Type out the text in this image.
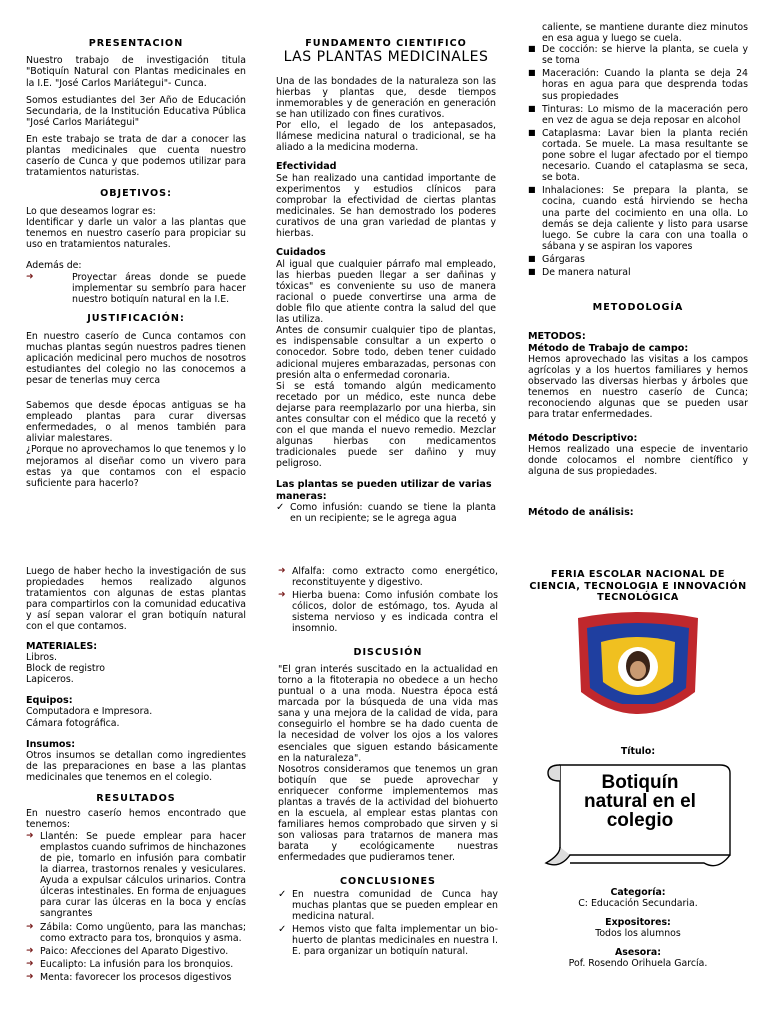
PRESENTACIÓN

Nuestro trabajo de investigación titula "Botiquín Natural con Plantas medicinales en la I.E. "José Carlos Mariátegui"- Cunca.

Somos estudiantes del 3er Año de Educación Secundaria, de la Institución Educativa Pública "José Carlos Mariátegui"

En este trabajo se trata de dar a conocer las plantas medicinales que cuenta nuestro caserío de Cunca y que podemos utilizar para tratamientos naturistas.

OBJETIVOS:

Lo que deseamos lograr es:

Identificar y darle un valor a las plantas que tenemos en nuestro caserío para propiciar su uso en tratamientos naturales.

Además de:

➜ Proyectar áreas donde se puede implementar su sembrío para hacer nuestro botiquín natural en la I.E.
JUSTIFICACIÓN:

En nuestro caserío de Cunca contamos con muchas plantas según nuestros padres tienen aplicación medicinal pero muchos de nosotros estudiantes del colegio no las conocemos a pesar de tenerlas muy cerca

Sabemos que desde épocas antiguas se ha empleado plantas para curar diversas enfermedades, o al menos también para aliviar malestares.

¿Porque no aprovechamos lo que tenemos y lo mejoramos al diseñar como un vivero para estas ya que contamos con el espacio suficiente para hacerlo?

FUNDAMENTO CIENTIFICO
LAS PLANTAS MEDICINALES

Una de las bondades de la naturaleza son las hierbas y plantas que, desde tiempos inmemorables y de generación en generación se han utilizado con fines curativos.

Por ello, el legado de los antepasados, llámese medicina natural o tradicional, se ha aliado a la medicina moderna.

Efectividad

Se han realizado una cantidad importante de experimentos y estudios clínicos para comprobar la efectividad de ciertas plantas medicinales. Se han demostrado los poderes curativos de una gran variedad de plantas y hierbas.

Cuidados

Al igual que cualquier párrafo mal empleado, las hierbas pueden llegar a ser dañinas y tóxicas" es conveniente su uso de manera racional o puede convertirse una arma de doble filo que atiente contra la salud del que las utiliza.

Antes de consumir cualquier tipo de plantas, es indispensable consultar a un experto o conocedor. Sobre todo, deben tener cuidado adicional mujeres embarazadas, personas con presión alta o enfermedad coronaria.

Si se está tomando algún medicamento recetado por un médico, este nunca debe dejarse para reemplazarlo por una hierba, sin antes consultar con el médico que la recetó y con el que manda el nuevo remedio. Mezclar algunas hierbas con medicamentos tradicionales puede ser dañino y muy peligroso.

Las plantas se pueden utilizar de varias maneras:
✓ Como infusión: cuando se tiene la planta en un recipiente; se le agrega agua

caliente, se mantiene durante diez minutos en esa agua y luego se cuela.

■ De cocción: se hierve la planta, se cuela y se toma
■ Maceración: Cuando la planta se deja 24 horas en agua para que desprenda todas sus propiedades
■ Tinturas: Lo mismo de la maceración pero en vez de agua se deja reposar en alcohol
■ Cataplasma: Lavar bien la planta recién cortada. Se muele. La masa resultante se pone sobre el lugar afectado por el tiempo necesario. Cuando el cataplasma se seca, se bota.
■ Inhalaciones: Se prepara la planta, se cocina, cuando está hirviendo se hecha una parte del cocimiento en una olla. Lo demás se deja caliente y listo para usarse luego. Se cubre la cara con una toalla o sábana y se aspiran los vapores
■ Gárgaras
■ De manera natural
METODOLOGÍA
METODOS:
Método de Trabajo de campo:

Hemos aprovechado las visitas a los campos agrícolas y a los huertos familiares y hemos observado las diversas hierbas y árboles que tenemos en nuestro caserío de Cunca; reconociendo algunas que se pueden usar para tratar enfermedades.

Método Descriptivo:

Hemos realizado una especie de inventario donde colocamos el nombre científico y alguna de sus propiedades.

Método de análisis:

Luego de haber hecho la investigación de sus propiedades hemos realizado algunos tratamientos con algunas de estas plantas para compartirlos con la comunidad educativa y así sepan valorar el gran botiquín natural con el que contamos.

MATERIALES:
Libros.
Block de registro
Lapiceros.
Equipos:
Computadora e Impresora.
Cámara fotográfica.
Insumos:

Otros insumos se detallan como ingredientes de las preparaciones en base a las plantas medicinales que tenemos en el colegio.

RESULTADOS

En nuestro caserío hemos encontrado que tenemos:

➜ Llantén: Se puede emplear para hacer emplastos cuando sufrimos de hinchazones de pie, tomarlo en infusión para combatir la diarrea, trastornos renales y vesiculares. Ayuda a expulsar cálculos urinarios. Contra úlceras intestinales. En forma de enjuagues para curar las úlceras en la boca y encías sangrantes
➜ Zábila: Como ungüento, para las manchas; como extracto para tos, bronquios y asma.
➜ Paico: Afecciones del Aparato Digestivo.
➜ Eucalipto: La infusión para los bronquios.
➜ Menta: favorecer los procesos digestivos
➜ Alfalfa: como extracto como energético, reconstituyente y digestivo.
➜ Hierba buena: Como infusión combate los cólicos, dolor de estómago, tos. Ayuda al sistema nervioso y es indicada contra el insomnio.
DISCUSIÓN

"El gran interés suscitado en la actualidad en torno a la fitoterapia no obedece a un hecho puntual o a una moda. Nuestra época está marcada por la búsqueda de una vida mas sana y una mejora de la calidad de vida, para conseguirlo el hombre se ha dado cuenta de la necesidad de volver los ojos a los valores esenciales que siguen estando básicamente en la naturaleza".

Nosotros consideramos que tenemos un gran botiquín que se puede aprovechar y enriquecer conforme implementemos mas plantas a través de la actividad del biohuerto en la escuela, al emplear estas plantas con familiares hemos comprobado que sirven y si son valiosas para tratarnos de manera mas barata y ecológicamente nuestras enfermedades que pudieramos tener.

CONCLUSIONES
✓ En nuestra comunidad de Cunca hay muchas plantas que se pueden emplear en medicina natural.
✓ Hemos visto que falta implementar un bio-huerto de plantas medicinales en nuestra I. E. para organizar un botiquín natural.
FERIA ESCOLAR NACIONAL DE CIENCIA, TECNOLOGIA E INNOVACIÓN TECNOLÓGICA
Título:
Botiquín natural en el colegio
Categoría:
C: Educación Secundaria.
Expositores:
Todos los alumnos
Asesora:
Pof. Rosendo Orihuela García.
